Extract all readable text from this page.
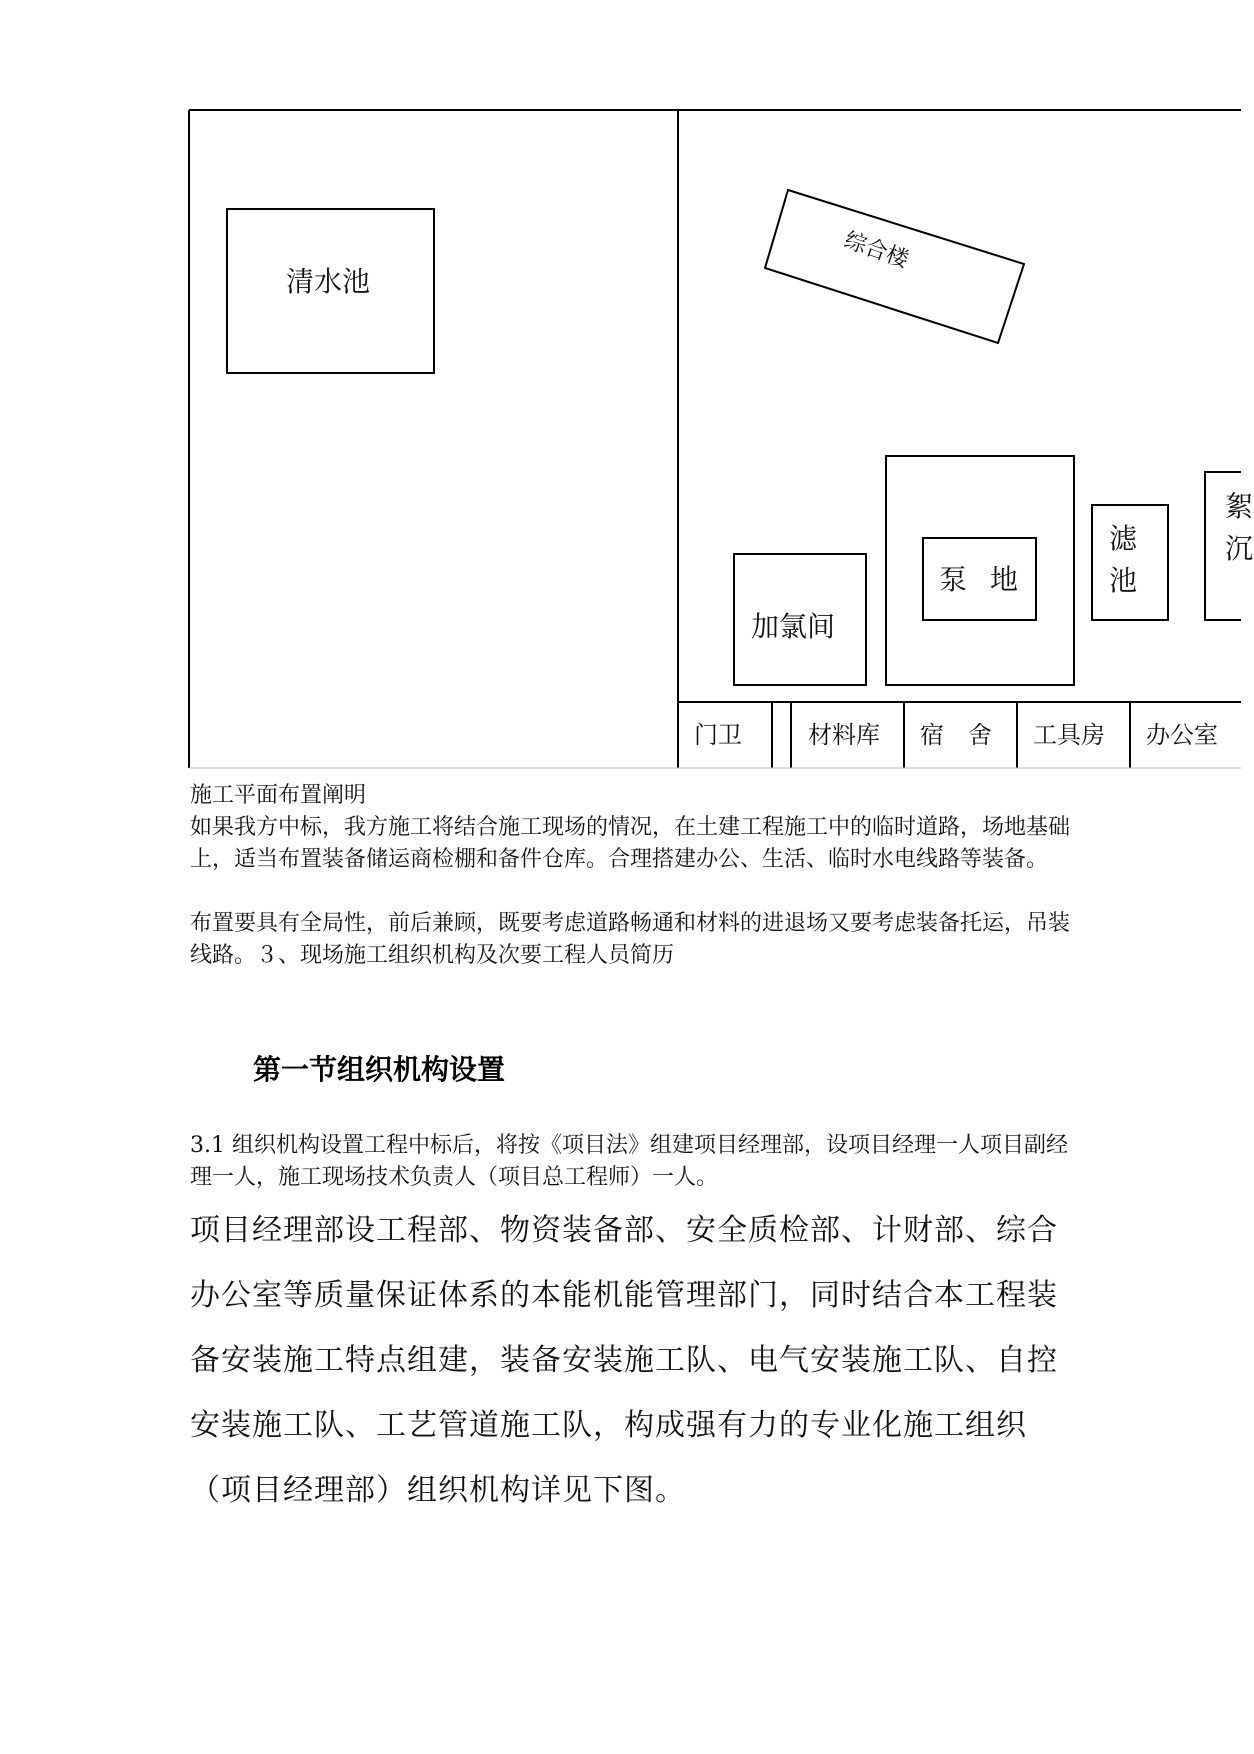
清水池
综合楼
泵 地
滤池
絮沉
加氯间
门卫	材料库 宿　舍 工具房 办公室
施工平面布置阐明
如果我方中标，我方施工将结合施工现场的情况，在土建工程施工中的临时道路，场地基础上，适当布置装备储运商检棚和备件仓库。合理搭建办公、生活、临时水电线路等装备。
布置要具有全局性，前后兼顾，既要考虑道路畅通和材料的进退场又要考虑装备托运，吊装线路。３、现场施工组织机构及次要工程人员简历
第一节组织机构设置
3.1 组织机构设置工程中标后，将按《项目法》组建项目经理部，设项目经理一人项目副经理一人，施工现场技术负责人（项目总工程师）一人。
项目经理部设工程部、物资装备部、安全质检部、计财部、综合办公室等质量保证体系的本能机能管理部门，同时结合本工程装备安装施工特点组建，装备安装施工队、电气安装施工队、自控安装施工队、工艺管道施工队，构成强有力的专业化施工组织（项目经理部）组织机构详见下图。
